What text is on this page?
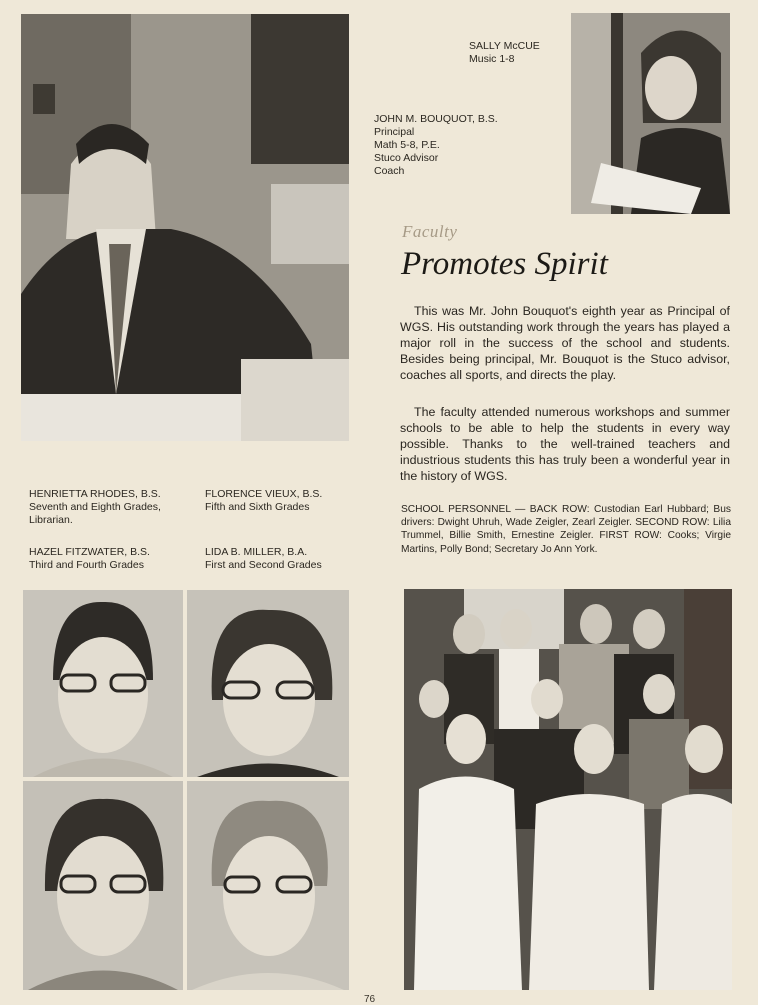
SALLY McCUE
Music 1-8
JOHN M. BOUQUOT, B.S.
Principal
Math 5-8, P.E.
Stuco Advisor
Coach
Faculty
Promotes Spirit

This was Mr. John Bouquot's eighth year as Principal of WGS. His outstanding work through the years has played a major roll in the success of the school and students. Besides being principal, Mr. Bouquot is the Stuco advisor, coaches all sports, and directs the play.

The faculty attended numerous workshops and summer schools to be able to help the students in every way possible. Thanks to the well-trained teachers and industrious students this has truly been a wonderful year in the history of WGS.

HENRIETTA RHODES, B.S.
Seventh and Eighth Grades,
Librarian.
FLORENCE VIEUX, B.S.
Fifth and Sixth Grades
HAZEL FITZWATER, B.S.
Third and Fourth Grades
LIDA B. MILLER, B.A.
First and Second Grades

SCHOOL PERSONNEL — BACK ROW: Custodian Earl Hubbard; Bus drivers: Dwight Uhruh, Wade Zeigler, Zearl Zeigler. SECOND ROW: Lilia Trummel, Billie Smith, Ernestine Zeigler. FIRST ROW: Cooks; Virgie Martins, Polly Bond; Secretary Jo Ann York.

76
